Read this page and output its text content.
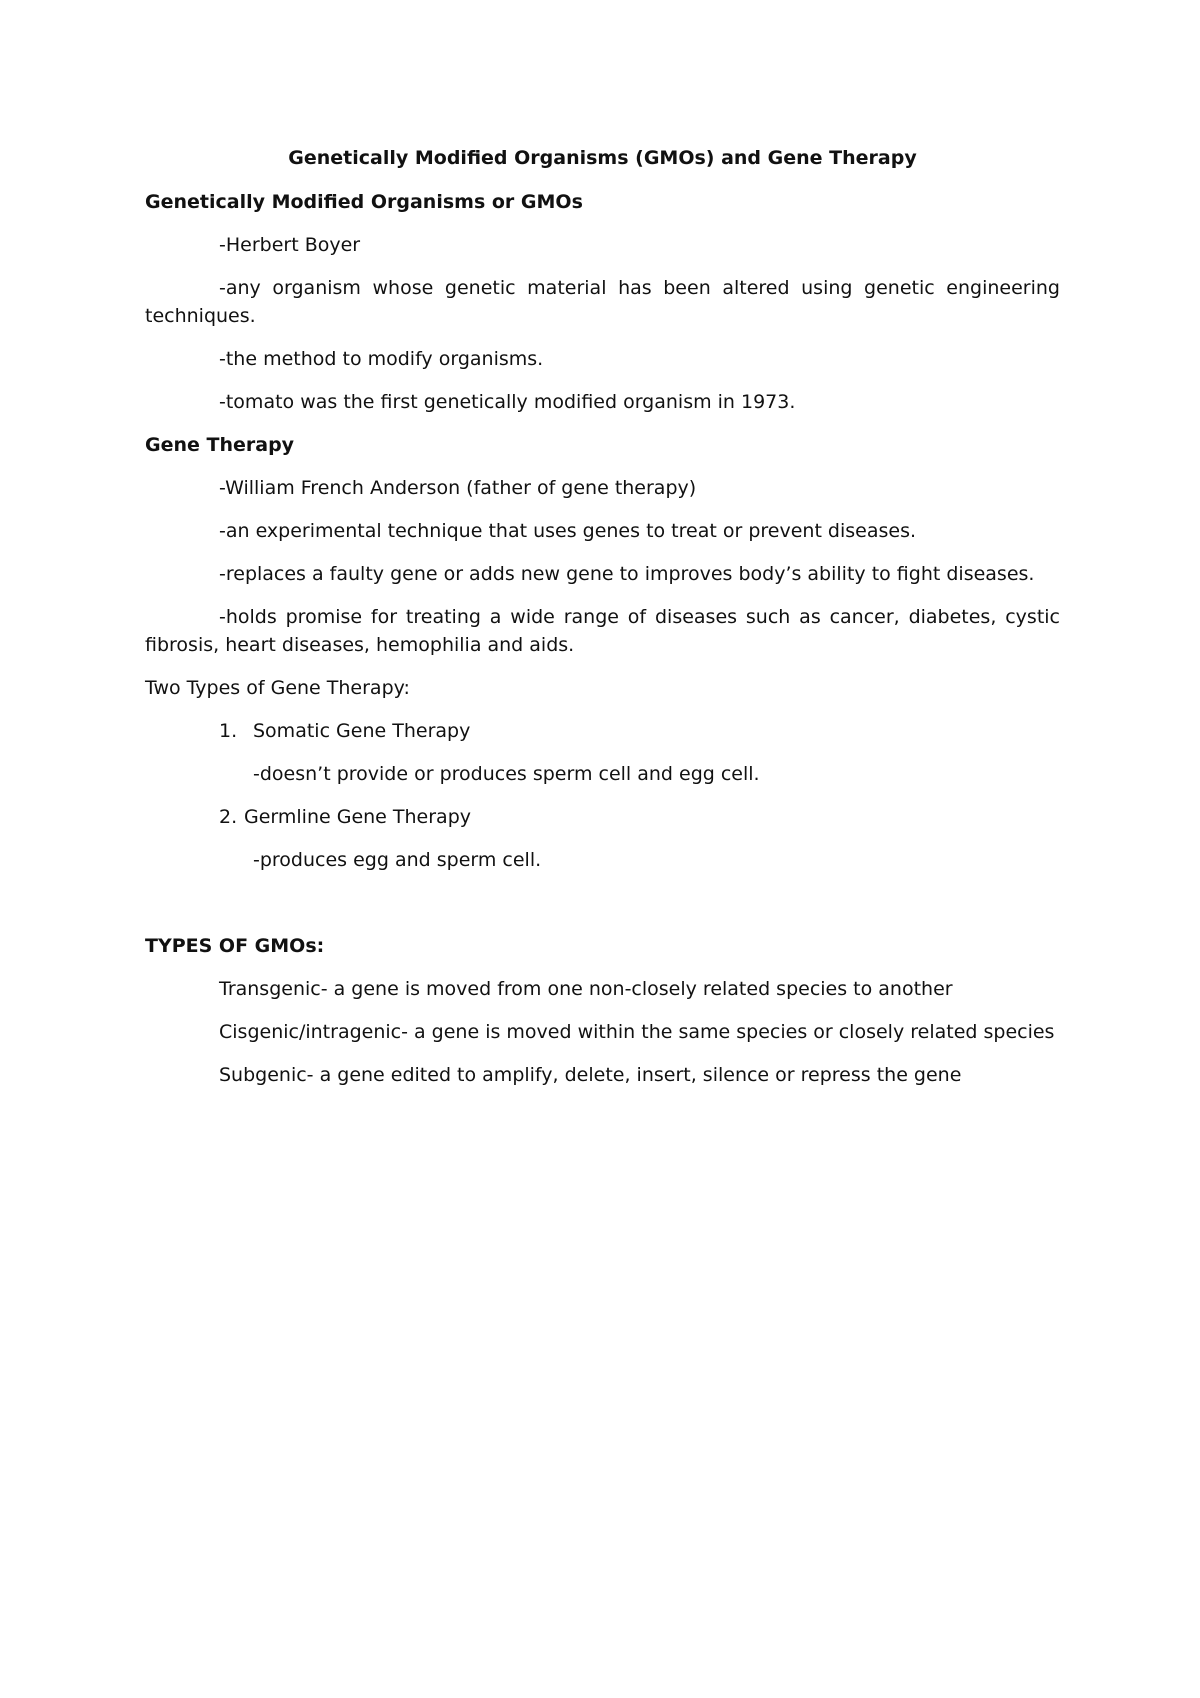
Genetically Modified Organisms (GMOs) and Gene Therapy
Genetically Modified Organisms or GMOs
-Herbert Boyer
-any organism whose genetic material has been altered using genetic engineering techniques.
-the method to modify organisms.
-tomato was the first genetically modified organism in 1973.
Gene Therapy
-William French Anderson (father of gene therapy)
-an experimental technique that uses genes to treat or prevent diseases.
-replaces a faulty gene or adds new gene to improves body’s ability to fight diseases.
-holds promise for treating a wide range of diseases such as cancer, diabetes, cystic fibrosis, heart diseases, hemophilia and aids.
Two Types of Gene Therapy:
1. Somatic Gene Therapy
-doesn’t provide or produces sperm cell and egg cell.
2. Germline Gene Therapy
-produces egg and sperm cell.
TYPES OF GMOs:
Transgenic- a gene is moved from one non-closely related species to another
Cisgenic/intragenic- a gene is moved within the same species or closely related species
Subgenic- a gene edited to amplify, delete, insert, silence or repress the gene
